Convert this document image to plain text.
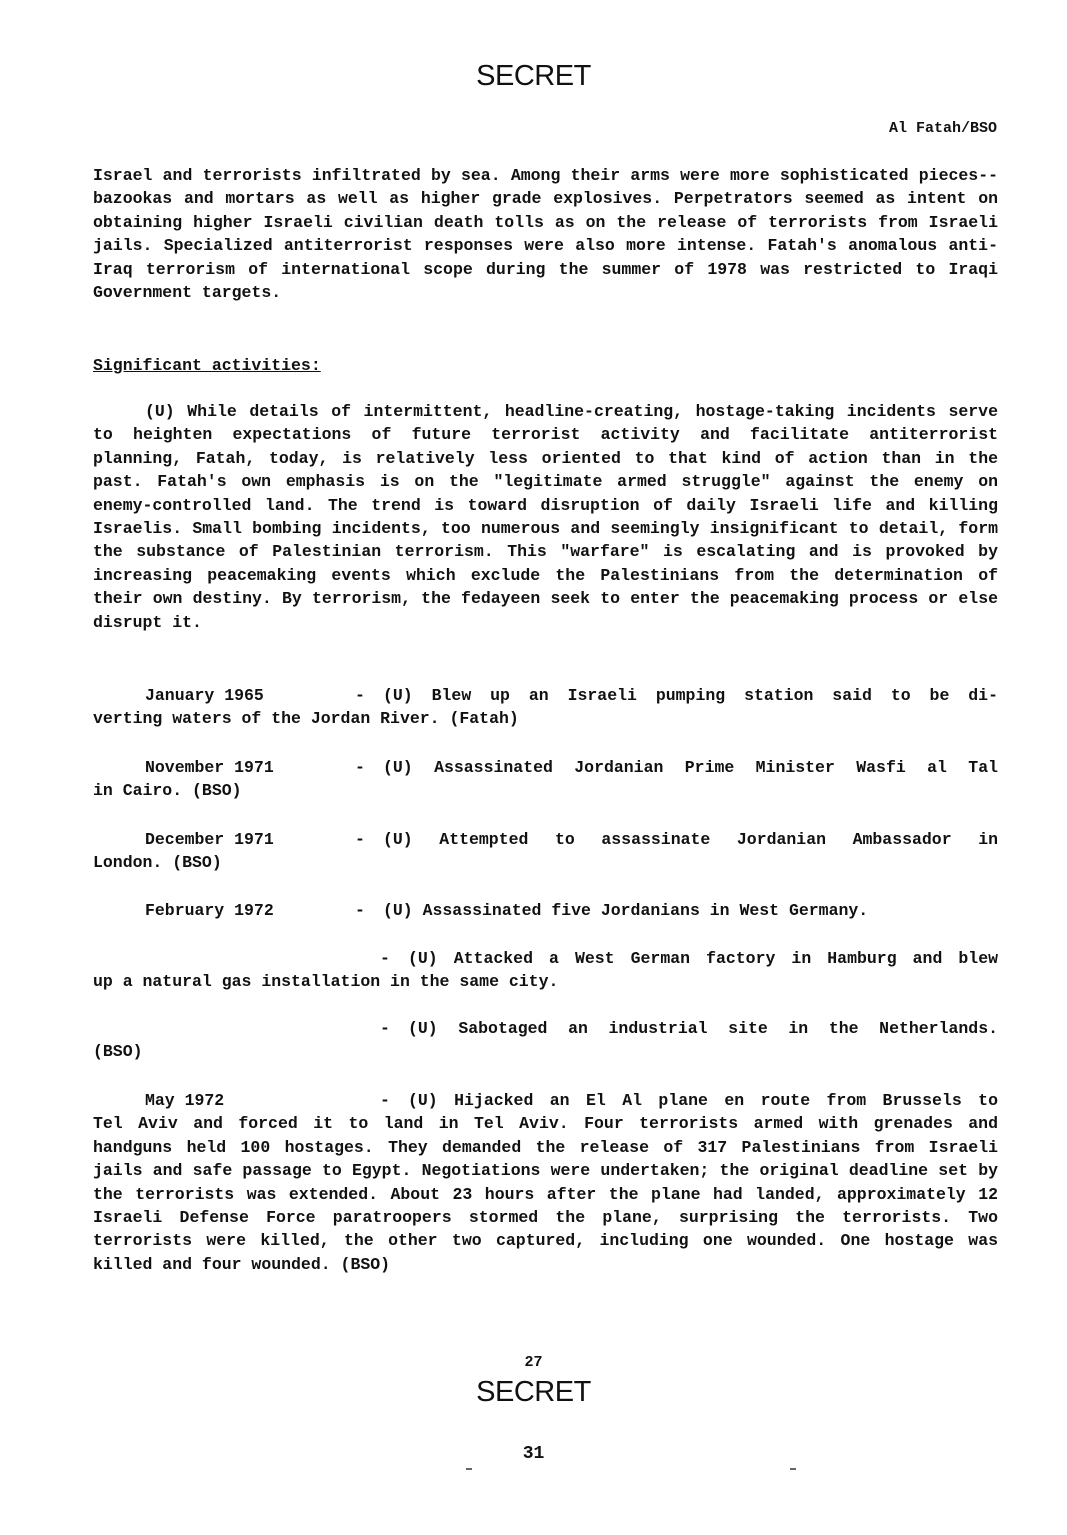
SECRET
Al Fatah/BSO

Israel and terrorists infiltrated by sea. Among their arms were more sophisticated pieces--bazookas and mortars as well as higher grade explosives. Perpetrators seemed as intent on obtaining higher Israeli civilian death tolls as on the release of terrorists from Israeli jails. Specialized antiterrorist responses were also more intense. Fatah's anomalous anti-Iraq terrorism of international scope during the summer of 1978 was restricted to Iraqi Government targets.

Significant activities:

(U) While details of intermittent, headline-creating, hostage-taking incidents serve to heighten expectations of future terrorist activity and facilitate antiterrorist planning, Fatah, today, is relatively less oriented to that kind of action than in the past. Fatah's own emphasis is on the "legitimate armed struggle" against the enemy on enemy-controlled land. The trend is toward disruption of daily Israeli life and killing Israelis. Small bombing incidents, too numerous and seemingly insignificant to detail, form the substance of Palestinian terrorism. This "warfare" is escalating and is provoked by increasing peacemaking events which exclude the Palestinians from the determination of their own destiny. By terrorism, the fedayeen seek to enter the peacemaking process or else disrupt it.

January 1965	-	(U) Blew up an Israeli pumping station said to be di-
verting waters of the Jordan River. (Fatah)
November 1971	-	(U) Assassinated Jordanian Prime Minister Wasfi al Tal
in Cairo. (BSO)
December 1971	-	(U) Attempted to assassinate Jordanian Ambassador in
London. (BSO)
February 1972	-	(U) Assassinated five Jordanians in West Germany.
-	(U) Attacked a West German factory in Hamburg and blew
up a natural gas installation in the same city.
-	(U) Sabotaged an industrial site in the Netherlands.
(BSO)
May 1972	-	(U) Hijacked an El Al plane en route from Brussels to
Tel Aviv and forced it to land in Tel Aviv. Four terrorists armed with grenades and handguns held 100 hostages. They demanded the release of 317 Palestinians from Israeli jails and safe passage to Egypt. Negotiations were undertaken; the original deadline set by the terrorists was extended. About 23 hours after the plane had landed, approximately 12 Israeli Defense Force paratroopers stormed the plane, surprising the terrorists. Two terrorists were killed, the other two captured, including one wounded. One hostage was killed and four wounded. (BSO)
27
SECRET
31
